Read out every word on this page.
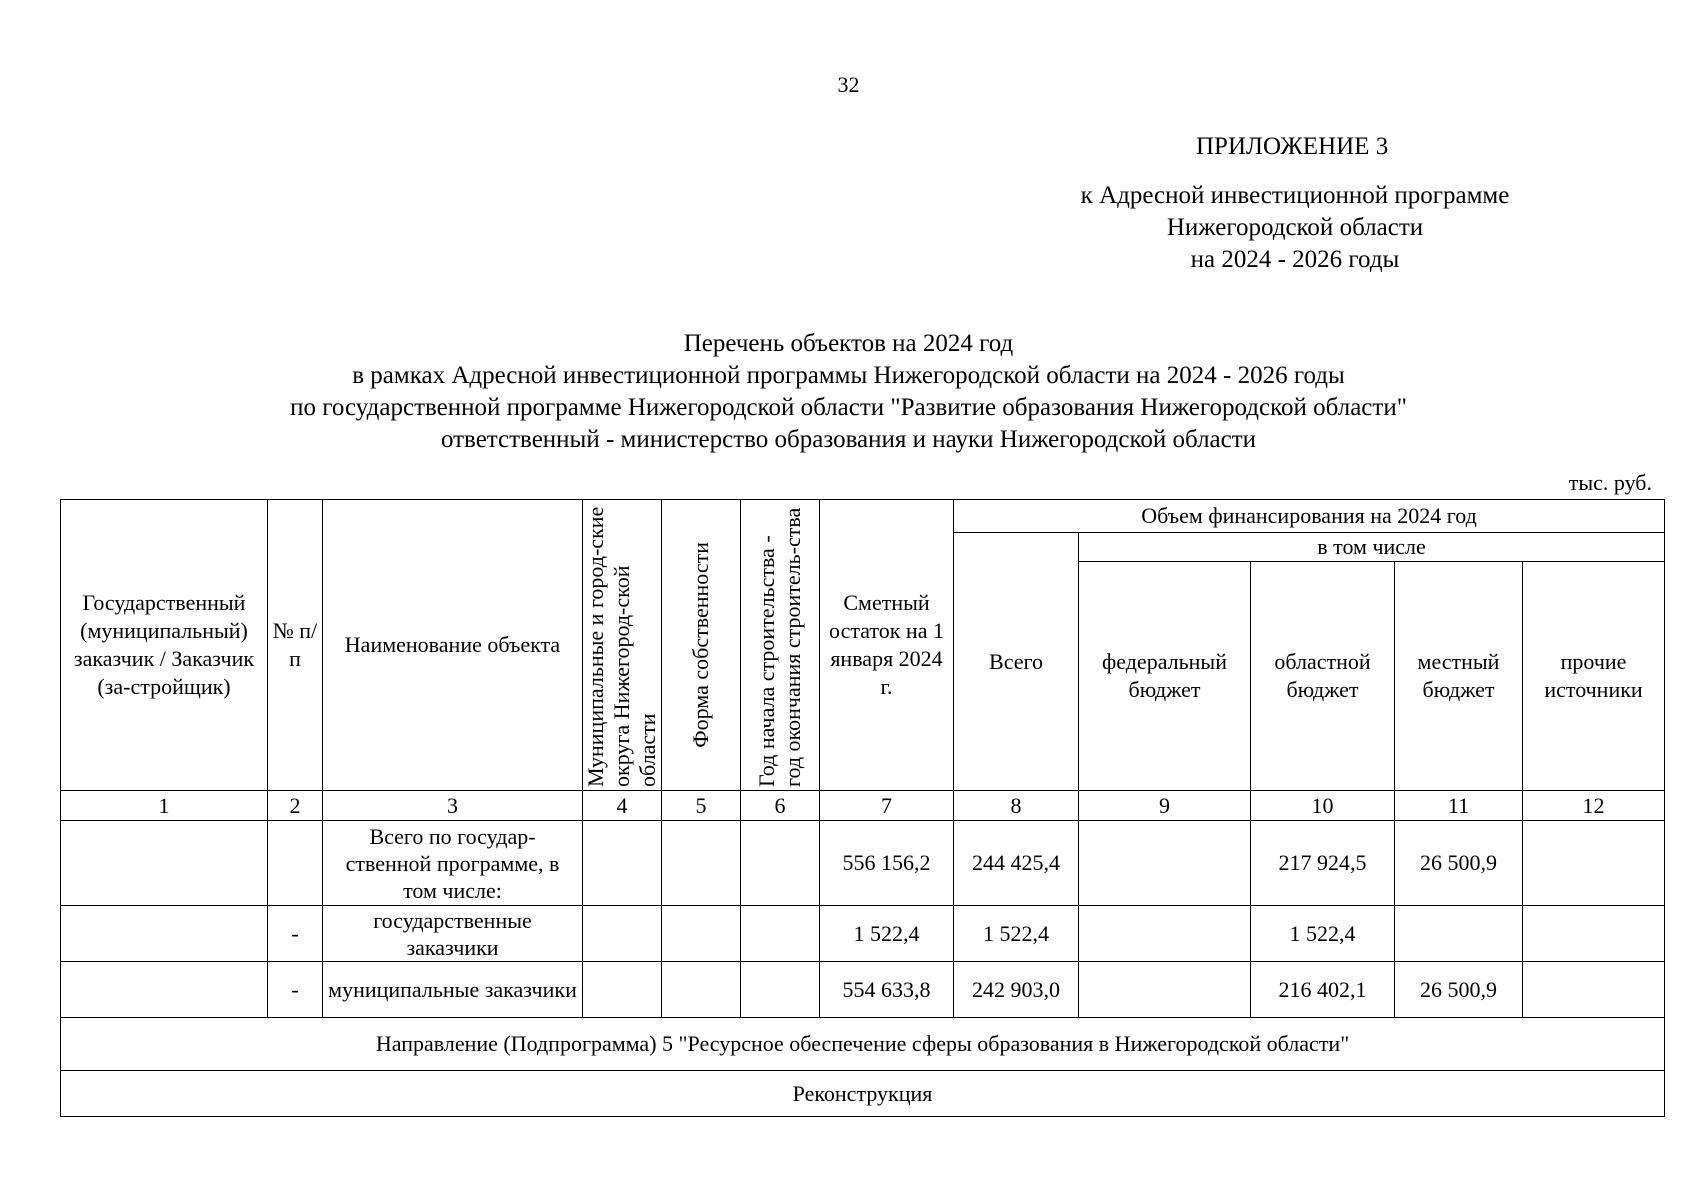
32
ПРИЛОЖЕНИЕ 3
к Адресной инвестиционной программе
Нижегородской области
на 2024 - 2026 годы
Перечень объектов на 2024 год
в рамках Адресной инвестиционной программы Нижегородской области на 2024 - 2026 годы
по государственной программе Нижегородской области "Развитие образования Нижегородской области"
ответственный - министерство образования и науки Нижегородской области
тыс. руб.
Государственный (муниципальный) заказчик / Заказчик (за-стройщик)	№ п/п	Наименование объекта	Муниципальные и город-ские округа Нижегород-ской области	Форма собственности	Год начала строительства - год окончания строитель-ства	Сметный остаток на 1 января 2024 г.	Объем финансирования на 2024 год				
							Всего	в том числе			
								федеральный бюджет	областной бюджет	местный бюджет	прочие источники
1	2	3	4	5	6	7	8	9	10	11	12
		Всего по государ-ственной программе, в том числе:				556 156,2	244 425,4		217 924,5	26 500,9	
	-	государственные заказчики				1 522,4	1 522,4		1 522,4		
	-	муниципальные заказчики				554 633,8	242 903,0		216 402,1	26 500,9	
Направление (Подпрограмма) 5 "Ресурсное обеспечение сферы образования в Нижегородской области"											
Реконструкция											
